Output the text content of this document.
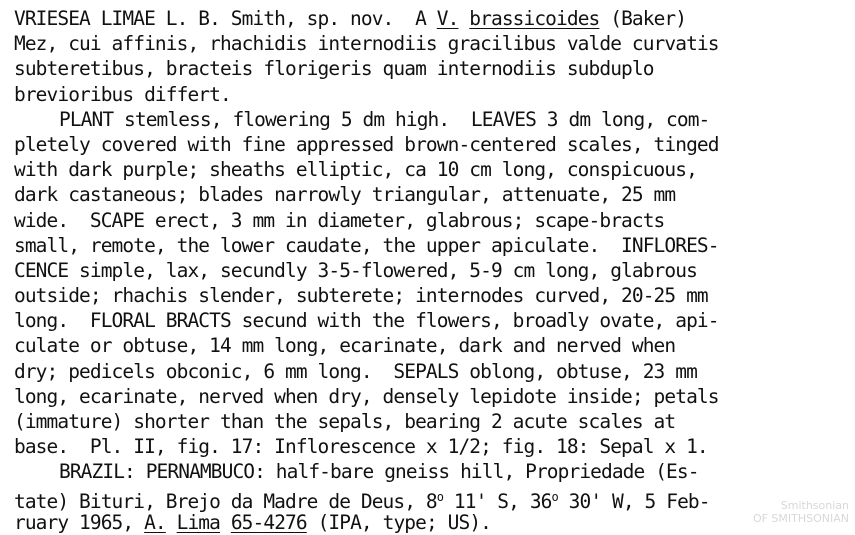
VRIESEA LIMAE L. B. Smith, sp. nov.  A V. brassicoides (Baker)
Mez, cui affinis, rhachidis internodiis gracilibus valde curvatis
subteretibus, bracteis florigeris quam internodiis subduplo
brevioribus differt.
PLANT stemless, flowering 5 dm high.  LEAVES 3 dm long, com-
pletely covered with fine appressed brown-centered scales, tinged
with dark purple; sheaths elliptic, ca 10 cm long, conspicuous,
dark castaneous; blades narrowly triangular, attenuate, 25 mm
wide.  SCAPE erect, 3 mm in diameter, glabrous; scape-bracts
small, remote, the lower caudate, the upper apiculate.  INFLORES-
CENCE simple, lax, secundly 3-5-flowered, 5-9 cm long, glabrous
outside; rhachis slender, subterete; internodes curved, 20-25 mm
long.  FLORAL BRACTS secund with the flowers, broadly ovate, api-
culate or obtuse, 14 mm long, ecarinate, dark and nerved when
dry; pedicels obconic, 6 mm long.  SEPALS oblong, obtuse, 23 mm
long, ecarinate, nerved when dry, densely lepidote inside; petals
(immature) shorter than the sepals, bearing 2 acute scales at
base.  Pl. II, fig. 17: Inflorescence x 1/2; fig. 18: Sepal x 1.
BRAZIL: PERNAMBUCO: half-bare gneiss hill, Propriedade (Es-
tate) Bituri, Brejo da Madre de Deus, 8$^o$ 11' S, 36$^o$ 30' W, 5 Feb-
ruary 1965, A. Lima 65-4276 (IPA, type; US).
Smithsonian
OF SMITHSONIAN
